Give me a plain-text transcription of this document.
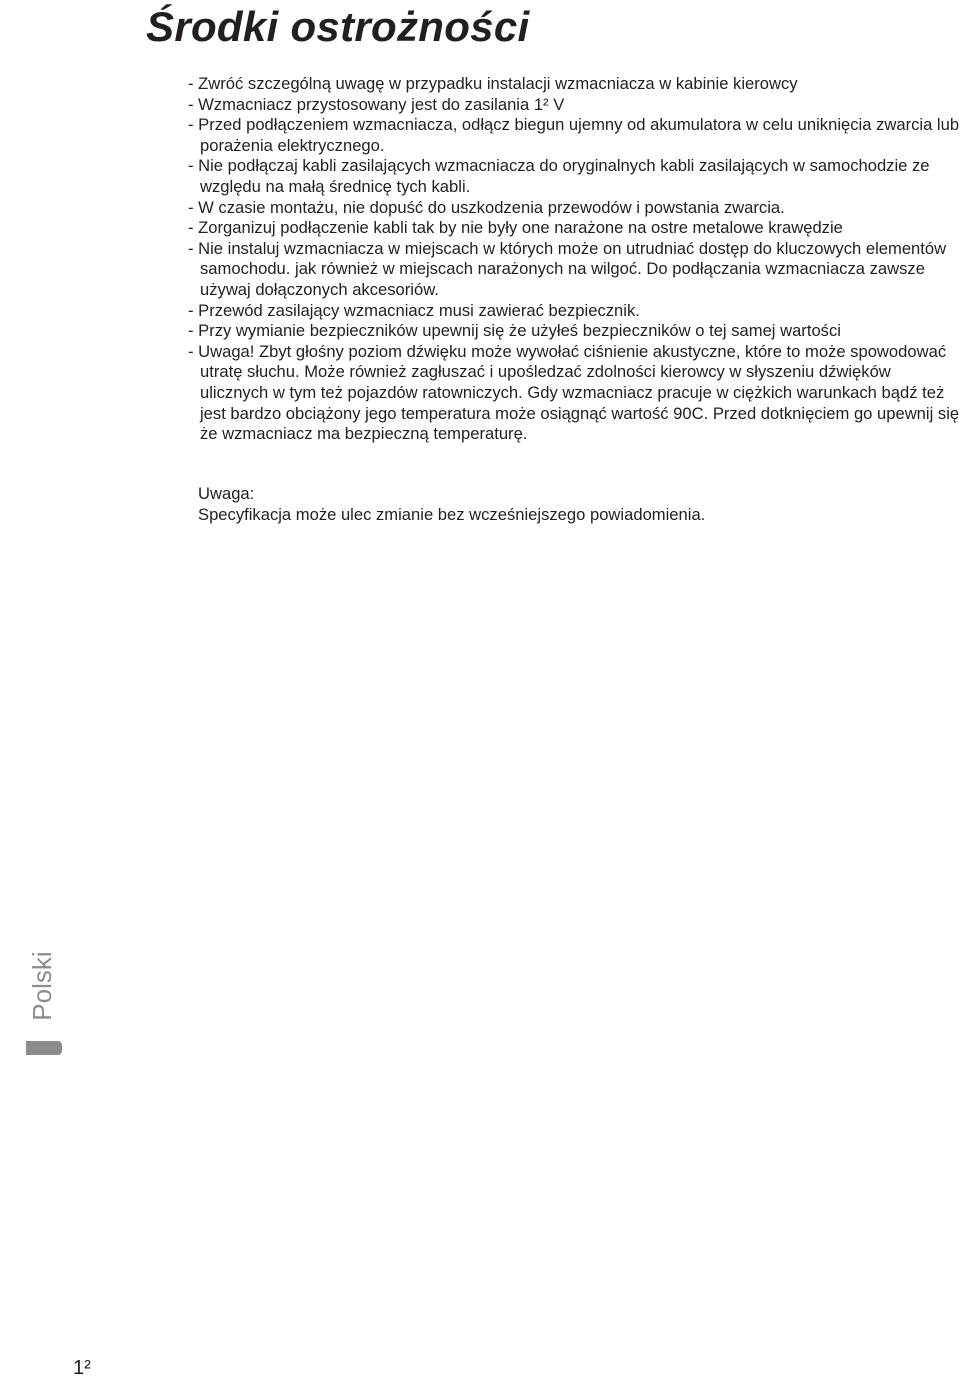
Środki ostrożności
- Zwróć szczególną uwagę w przypadku instalacji wzmacniacza w kabinie kierowcy
- Wzmacniacz przystosowany jest do zasilania 1² V
- Przed podłączeniem wzmacniacza, odłącz biegun ujemny od akumulatora w celu uniknięcia zwarcia lub porażenia elektrycznego.
- Nie podłączaj kabli zasilających wzmacniacza do oryginalnych kabli zasilających w samochodzie ze względu na małą średnicę tych kabli.
- W czasie montażu, nie dopuść do uszkodzenia przewodów i powstania zwarcia.
- Zorganizuj podłączenie kabli tak by nie były one narażone na ostre metalowe krawędzie
- Nie instaluj wzmacniacza w miejscach w których może on utrudniać dostęp do kluczowych elementów samochodu. jak również w miejscach narażonych na wilgoć. Do podłączania wzmacniacza zawsze używaj dołączonych akcesoriów.
- Przewód zasilający wzmacniacz musi zawierać bezpiecznik.
- Przy wymianie bezpieczników upewnij się że użyłeś bezpieczników o tej samej wartości
- Uwaga! Zbyt głośny poziom dźwięku może wywołać ciśnienie akustyczne, które to może spowodować utratę słuchu. Może również zagłuszać i upośledzać zdolności kierowcy w słyszeniu dźwięków ulicznych w tym też pojazdów ratowniczych. Gdy wzmacniacz pracuje w ciężkich warunkach bądź też jest bardzo obciążony jego temperatura może osiągnąć wartość 90C. Przed dotknięciem go upewnij się że wzmacniacz ma bezpieczną temperaturę.
Uwaga:
Specyfikacja może ulec zmianie bez wcześniejszego powiadomienia.
Polski
1²
